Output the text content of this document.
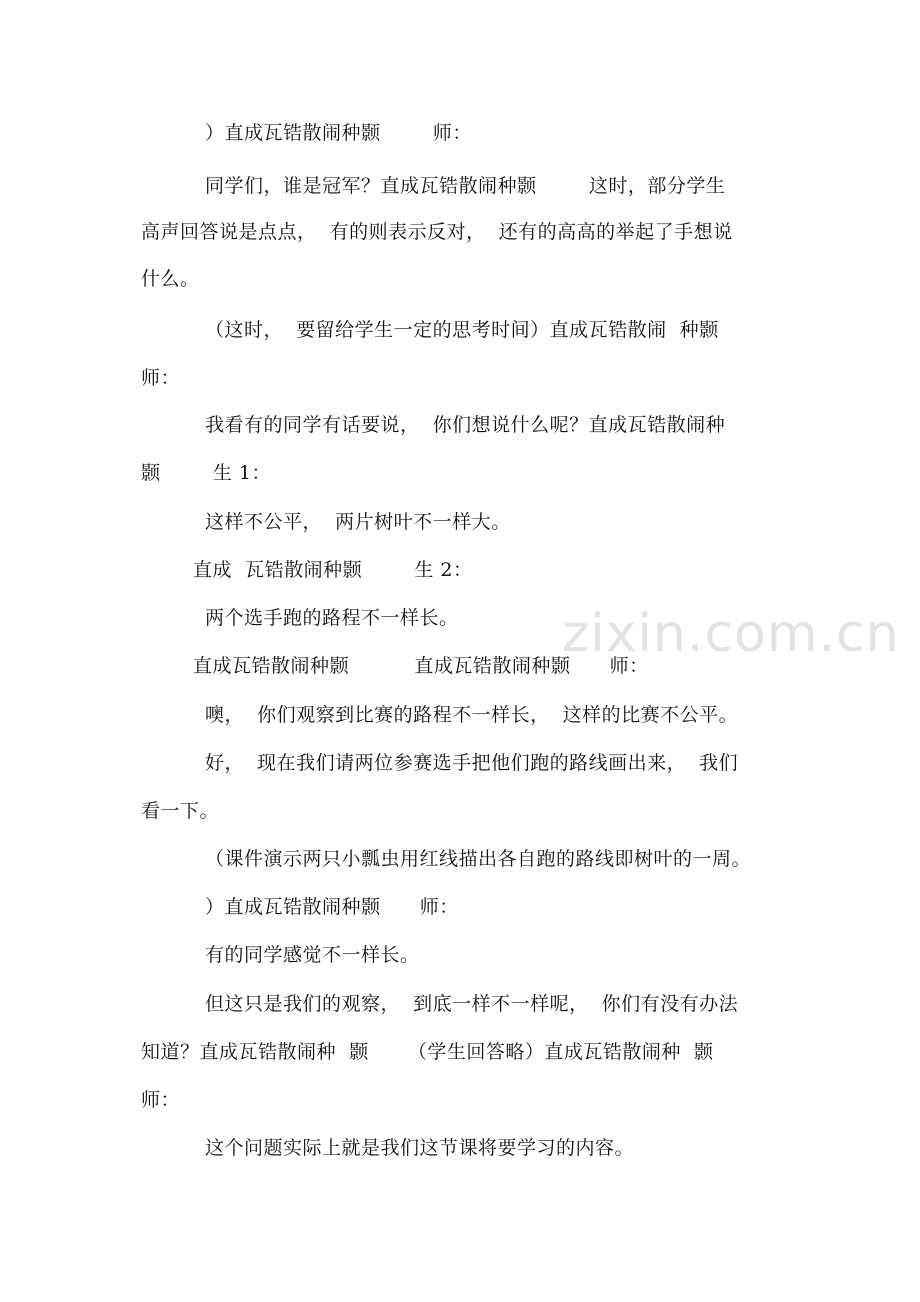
）直成瓦锆散闹种颢        师：
同学们，谁是冠军？直成瓦锆散闹种颢        这时，部分学生
高声回答说是点点，  有的则表示反对，  还有的高高的举起了手想说
什么。
（这时，  要留给学生一定的思考时间）直成瓦锆散闹  种颢
师：
我看有的同学有话要说，  你们想说什么呢？直成瓦锆散闹种
颢        生 1：
这样不公平，  两片树叶不一样大。
直成  瓦锆散闹种颢        生 2：
两个选手跑的路程不一样长。
直成瓦锆散闹种颢          直成瓦锆散闹种颢      师：
噢，  你们观察到比赛的路程不一样长，  这样的比赛不公平。
好，  现在我们请两位参赛选手把他们跑的路线画出来，  我们
看一下。
（课件演示两只小瓢虫用红线描出各自跑的路线即树叶的一周。
）直成瓦锆散闹种颢      师：
有的同学感觉不一样长。
但这只是我们的观察，  到底一样不一样呢，  你们有没有办法
知道？直成瓦锆散闹种  颢      （学生回答略）直成瓦锆散闹种  颢
师：
这个问题实际上就是我们这节课将要学习的内容。
zixin.com.cn
